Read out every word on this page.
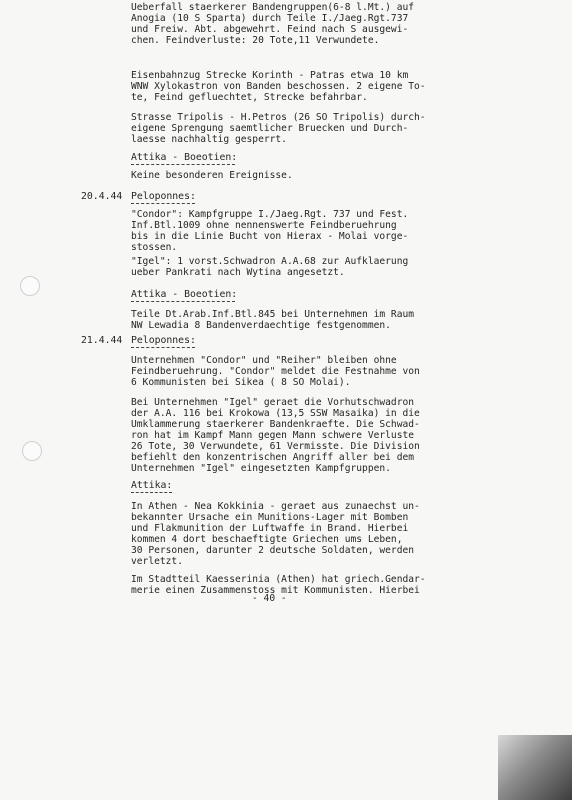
Ueberfall staerkerer Bandengruppen(6-8 l.Mt.) auf
Anogia (10 S Sparta) durch Teile I./Jaeg.Rgt.737
und Freiw. Abt. abgewehrt. Feind nach S ausgewi-
chen. Feindverluste: 20 Tote,11 Verwundete.
Eisenbahnzug Strecke Korinth - Patras etwa 10 km
WNW Xylokastron von Banden beschossen. 2 eigene To-
te, Feind gefluechtet, Strecke befahrbar.
Strasse Tripolis - H.Petros (26 SO Tripolis) durch-
eigene Sprengung saemtlicher Bruecken und Durch-
laesse nachhaltig gesperrt.
Attika - Boeotien:
Keine besonderen Ereignisse.
Peloponnes:
"Condor": Kampfgruppe I./Jaeg.Rgt. 737 und Fest.
Inf.Btl.1009 ohne nennenswerte Feindberuehrung
bis in die Linie Bucht von Hierax - Molai vorge-
stossen.
"Igel": 1 vorst.Schwadron A.A.68 zur Aufklaerung
ueber Pankrati nach Wytina angesetzt.
Attika - Boeotien:
Teile Dt.Arab.Inf.Btl.845 bei Unternehmen im Raum
NW Lewadia 8 Bandenverdaechtige festgenommen.
Peloponnes:
Unternehmen "Condor" und "Reiher" bleiben ohne
Feindberuehrung. "Condor" meldet die Festnahme von
6 Kommunisten bei Sikea ( 8 SO Molai).
Bei Unternehmen "Igel" geraet die Vorhutschwadron
der A.A. 116 bei Krokowa (13,5 SSW Masaika) in die
Umklammerung staerkerer Bandenkraefte. Die Schwad-
ron hat im Kampf Mann gegen Mann schwere Verluste
26 Tote, 30 Verwundete, 61 Vermisste. Die Division
befiehlt den konzentrischen Angriff aller bei dem
Unternehmen "Igel" eingesetzten Kampfgruppen.
Attika:
In Athen - Nea Kokkinia - geraet aus zunaechst un-
bekannter Ursache ein Munitions-Lager mit Bomben
und Flakmunition der Luftwaffe in Brand. Hierbei
kommen 4 dort beschaeftigte Griechen ums Leben,
30 Personen, darunter 2 deutsche Soldaten, werden
verletzt.
Im Stadtteil Kaesserinia (Athen) hat griech.Gendar-
merie einen Zusammenstoss mit Kommunisten. Hierbei
20.4.44
21.4.44
- 40 -
